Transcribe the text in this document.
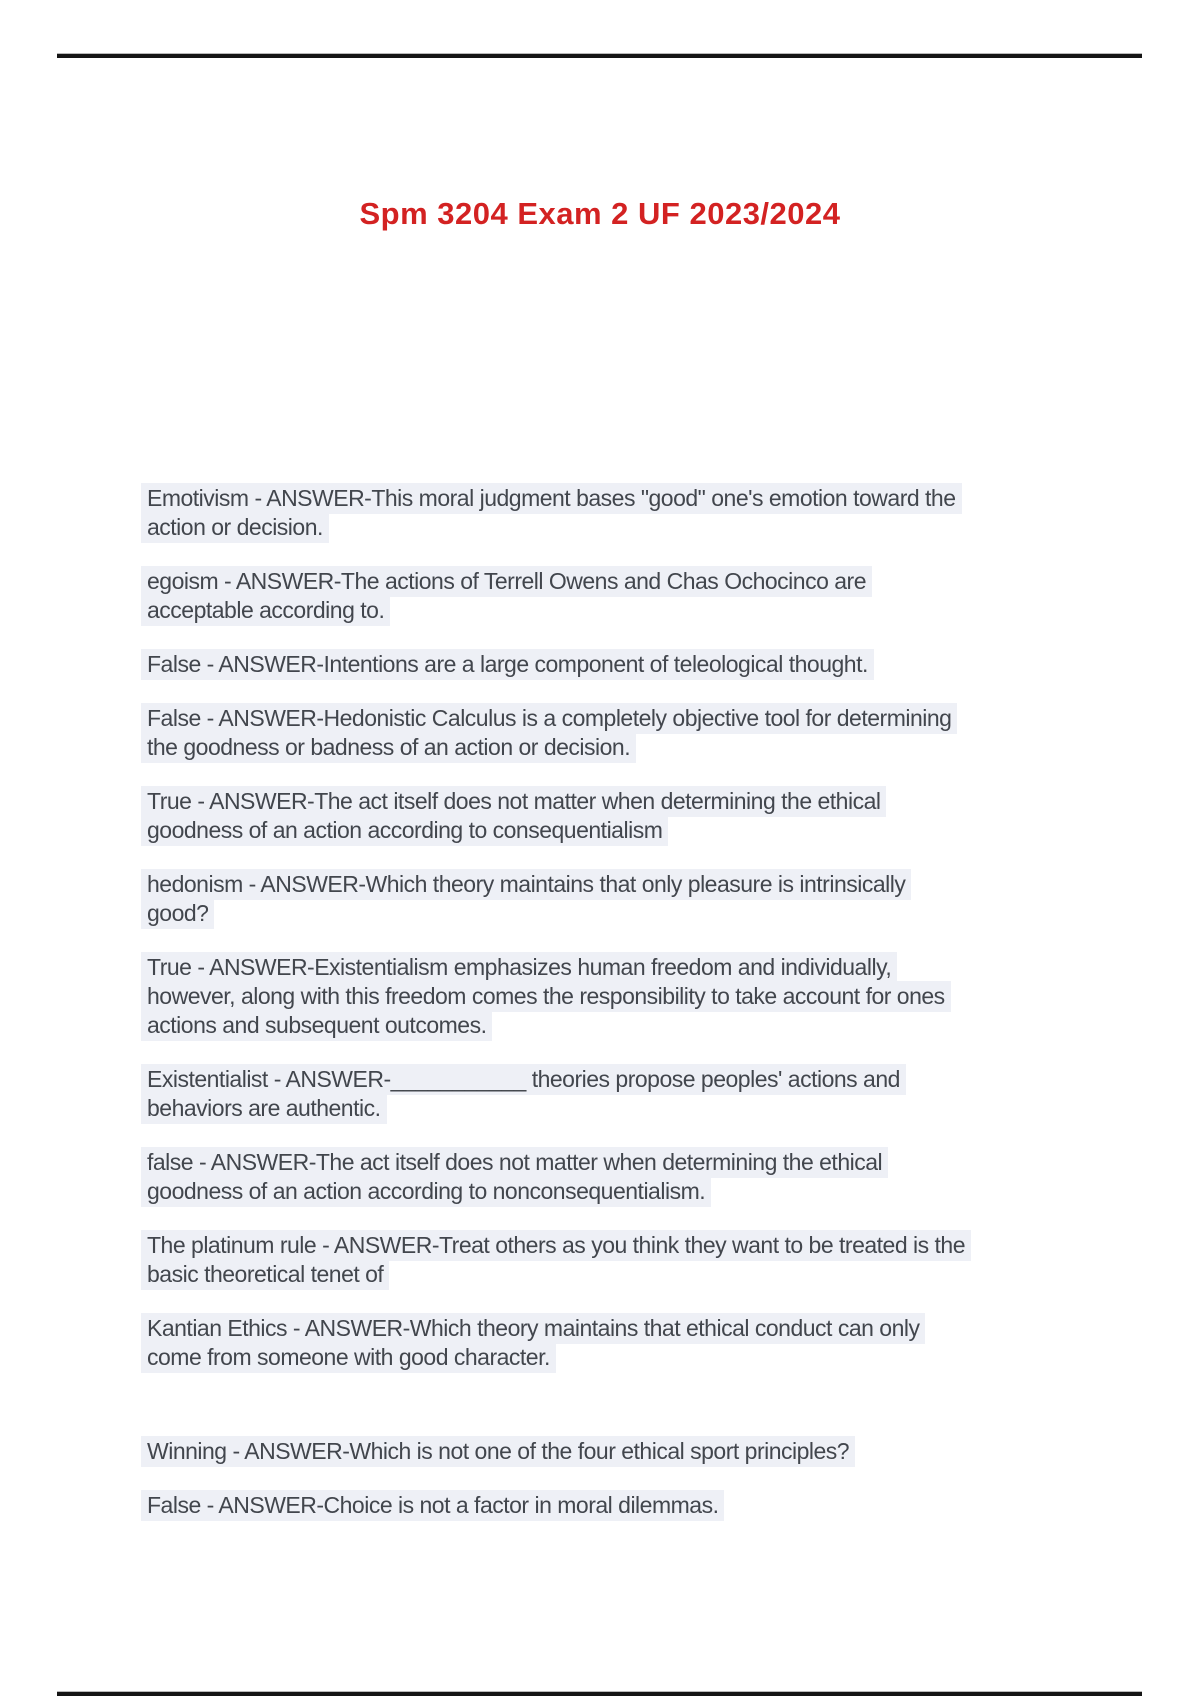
Spm 3204 Exam 2 UF 2023/2024

Emotivism - ANSWER-This moral judgment bases "good" one's emotion toward the
action or decision.

egoism - ANSWER-The actions of Terrell Owens and Chas Ochocinco are
acceptable according to.

False - ANSWER-Intentions are a large component of teleological thought.

False - ANSWER-Hedonistic Calculus is a completely objective tool for determining
the goodness or badness of an action or decision.

True - ANSWER-The act itself does not matter when determining the ethical
goodness of an action according to consequentialism

hedonism - ANSWER-Which theory maintains that only pleasure is intrinsically
good?

True - ANSWER-Existentialism emphasizes human freedom and individually,
however, along with this freedom comes the responsibility to take account for ones
actions and subsequent outcomes.

Existentialist - ANSWER-___________ theories propose peoples' actions and
behaviors are authentic.

false - ANSWER-The act itself does not matter when determining the ethical
goodness of an action according to nonconsequentialism.

The platinum rule - ANSWER-Treat others as you think they want to be treated is the
basic theoretical tenet of

Kantian Ethics - ANSWER-Which theory maintains that ethical conduct can only
come from someone with good character.

Winning - ANSWER-Which is not one of the four ethical sport principles?

False - ANSWER-Choice is not a factor in moral dilemmas.
